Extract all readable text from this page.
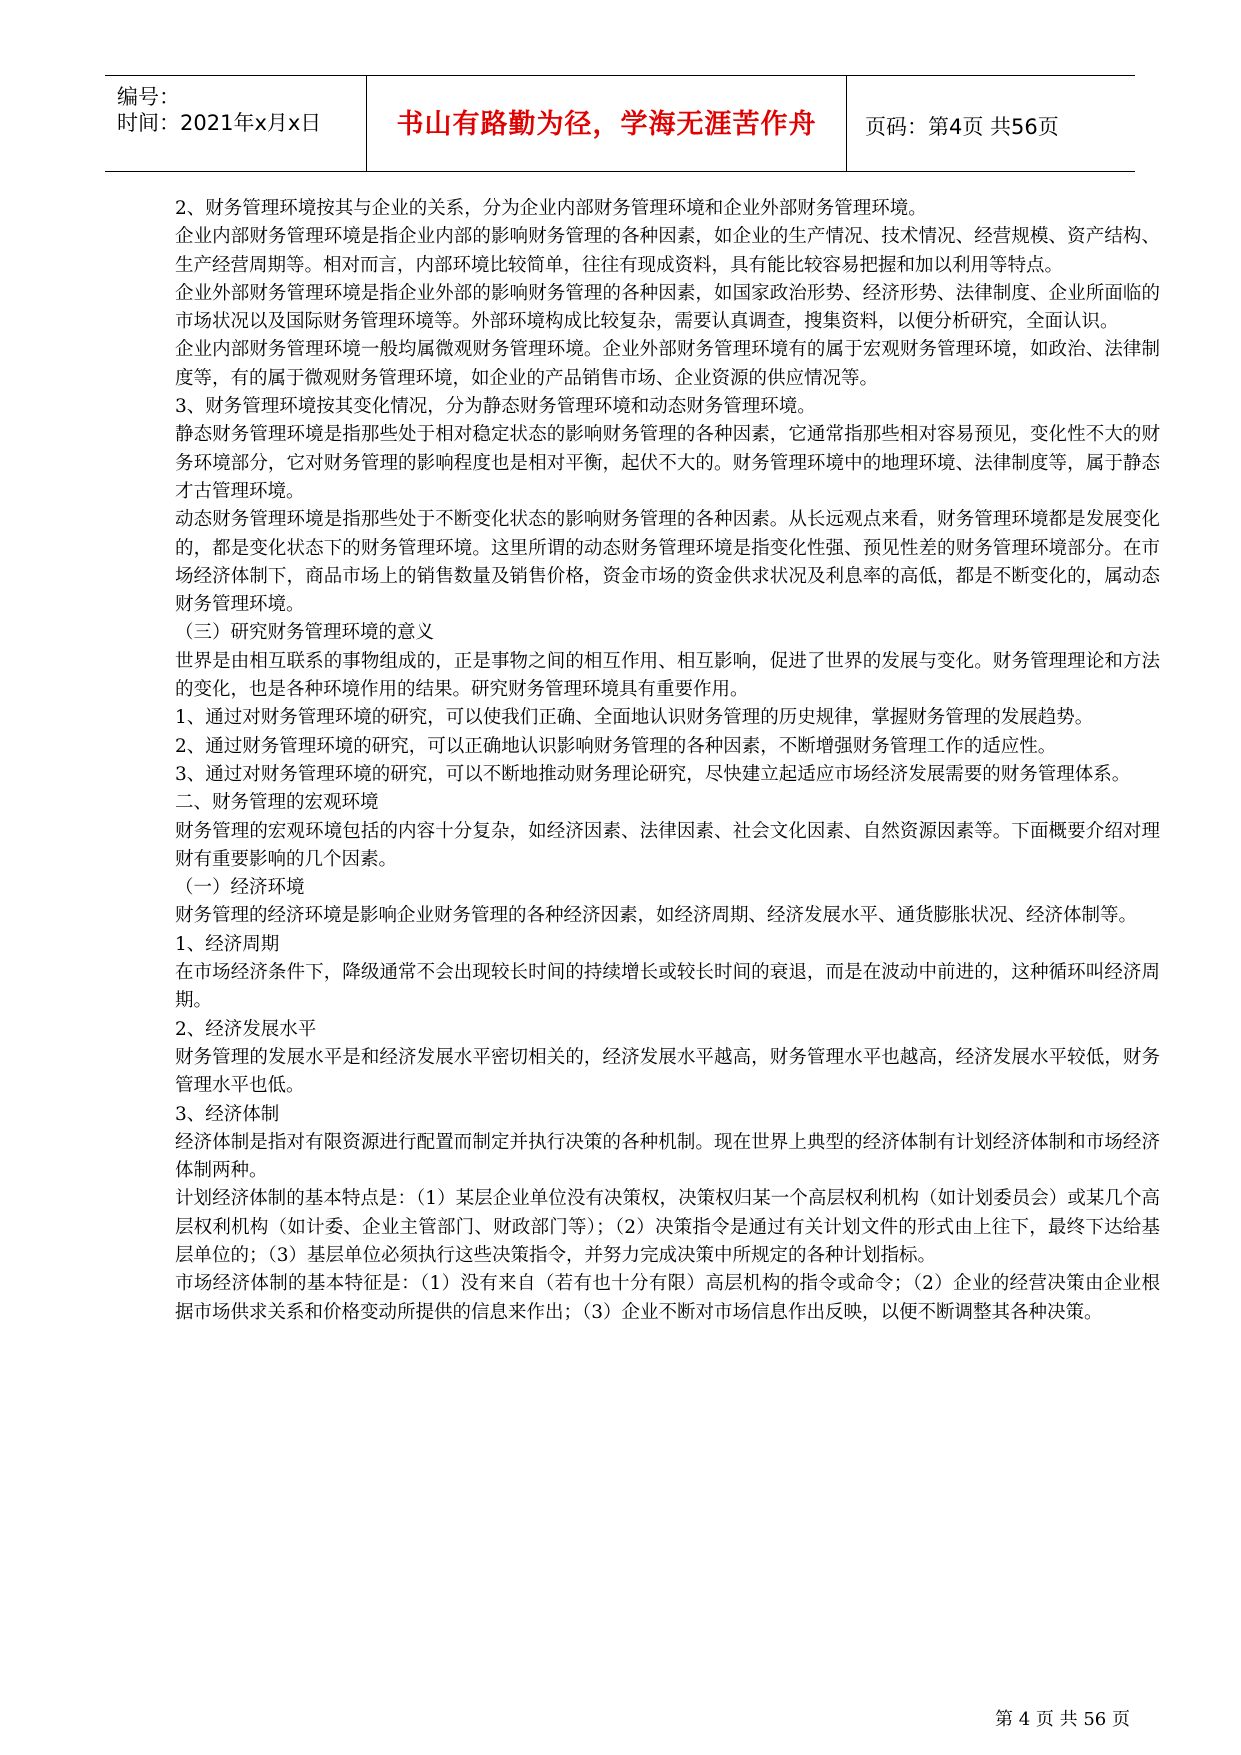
编号：
时间：2021年x月x日	书山有路勤为径，学海无涯苦作舟	页码：第4页 共56页

2、财务管理环境按其与企业的关系，分为企业内部财务管理环境和企业外部财务管理环境。

企业内部财务管理环境是指企业内部的影响财务管理的各种因素，如企业的生产情况、技术情况、经营规模、资产结构、生产经营周期等。相对而言，内部环境比较简单，往往有现成资料，具有能比较容易把握和加以利用等特点。

企业外部财务管理环境是指企业外部的影响财务管理的各种因素，如国家政治形势、经济形势、法律制度、企业所面临的市场状况以及国际财务管理环境等。外部环境构成比较复杂，需要认真调查，搜集资料，以便分析研究，全面认识。

企业内部财务管理环境一般均属微观财务管理环境。企业外部财务管理环境有的属于宏观财务管理环境，如政治、法律制度等，有的属于微观财务管理环境，如企业的产品销售市场、企业资源的供应情况等。

3、财务管理环境按其变化情况，分为静态财务管理环境和动态财务管理环境。

静态财务管理环境是指那些处于相对稳定状态的影响财务管理的各种因素，它通常指那些相对容易预见，变化性不大的财务环境部分，它对财务管理的影响程度也是相对平衡，起伏不大的。财务管理环境中的地理环境、法律制度等，属于静态才古管理环境。

动态财务管理环境是指那些处于不断变化状态的影响财务管理的各种因素。从长远观点来看，财务管理环境都是发展变化的，都是变化状态下的财务管理环境。这里所谓的动态财务管理环境是指变化性强、预见性差的财务管理环境部分。在市场经济体制下，商品市场上的销售数量及销售价格，资金市场的资金供求状况及利息率的高低，都是不断变化的，属动态财务管理环境。

（三）研究财务管理环境的意义

世界是由相互联系的事物组成的，正是事物之间的相互作用、相互影响，促进了世界的发展与变化。财务管理理论和方法的变化，也是各种环境作用的结果。研究财务管理环境具有重要作用。

1、通过对财务管理环境的研究，可以使我们正确、全面地认识财务管理的历史规律，掌握财务管理的发展趋势。

2、通过财务管理环境的研究，可以正确地认识影响财务管理的各种因素，不断增强财务管理工作的适应性。

3、通过对财务管理环境的研究，可以不断地推动财务理论研究，尽快建立起适应市场经济发展需要的财务管理体系。

二、财务管理的宏观环境

财务管理的宏观环境包括的内容十分复杂，如经济因素、法律因素、社会文化因素、自然资源因素等。下面概要介绍对理财有重要影响的几个因素。

（一）经济环境

财务管理的经济环境是影响企业财务管理的各种经济因素，如经济周期、经济发展水平、通货膨胀状况、经济体制等。

1、经济周期

在市场经济条件下，降级通常不会出现较长时间的持续增长或较长时间的衰退，而是在波动中前进的，这种循环叫经济周期。

2、经济发展水平

财务管理的发展水平是和经济发展水平密切相关的，经济发展水平越高，财务管理水平也越高，经济发展水平较低，财务管理水平也低。

3、经济体制

经济体制是指对有限资源进行配置而制定并执行决策的各种机制。现在世界上典型的经济体制有计划经济体制和市场经济体制两种。

计划经济体制的基本特点是：（1）某层企业单位没有决策权，决策权归某一个高层权利机构（如计划委员会）或某几个高层权利机构（如计委、企业主管部门、财政部门等）；（2）决策指令是通过有关计划文件的形式由上往下，最终下达给基层单位的；（3）基层单位必须执行这些决策指令，并努力完成决策中所规定的各种计划指标。

市场经济体制的基本特征是：（1）没有来自（若有也十分有限）高层机构的指令或命令；（2）企业的经营决策由企业根据市场供求关系和价格变动所提供的信息来作出；（3）企业不断对市场信息作出反映，以便不断调整其各种决策。

第 4 页 共 56 页
